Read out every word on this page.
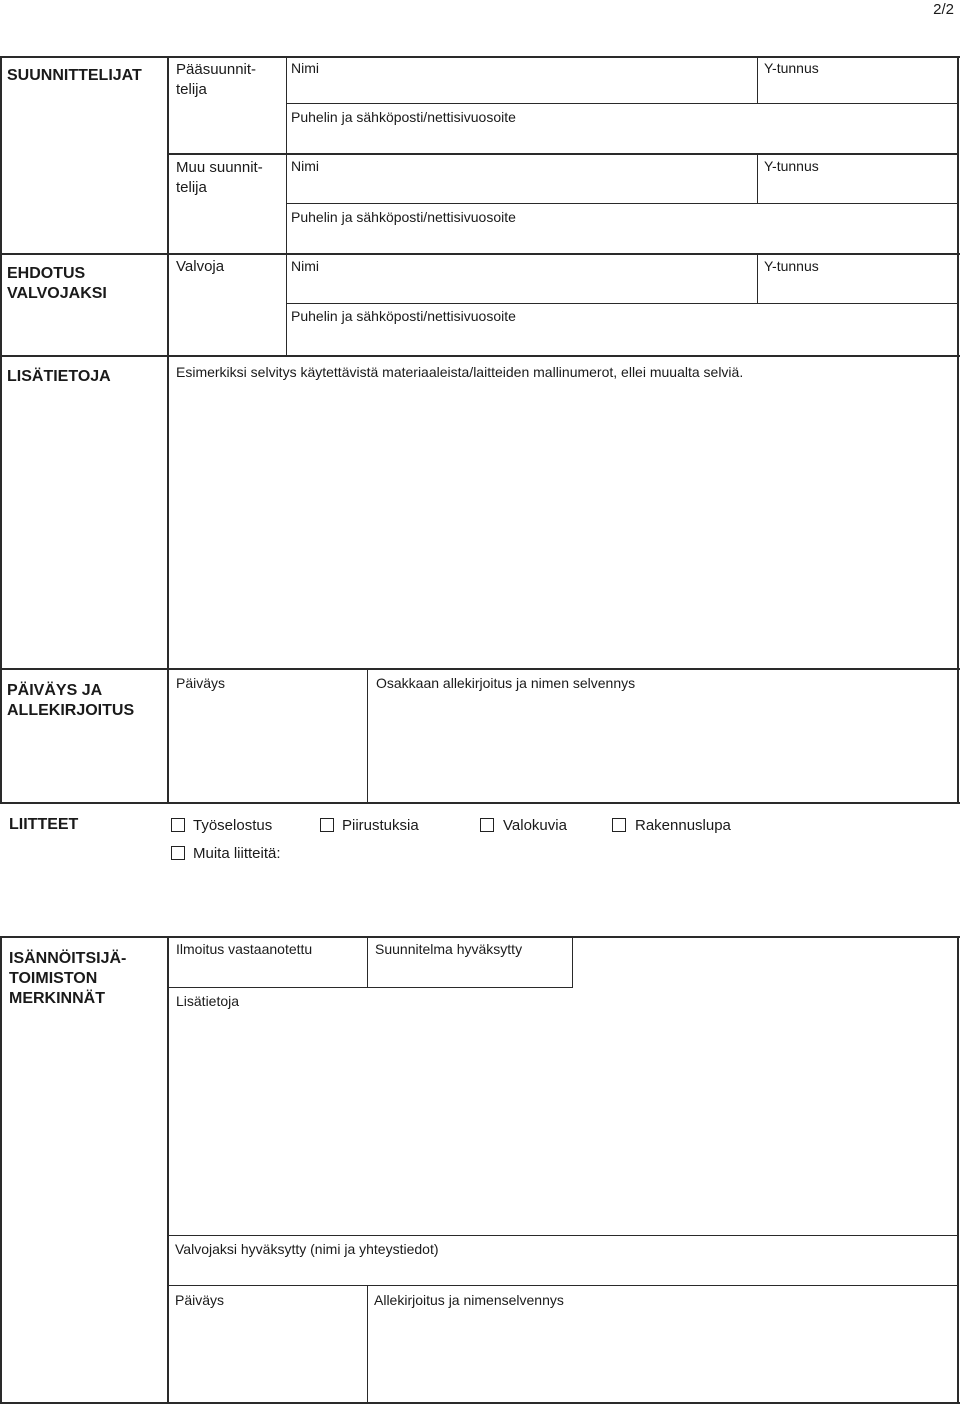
2/2
SUUNNITTELIJAT Pääsuunnit-
telija
Nimi	Y-tunnus
Puhelin ja sähköposti/nettisivuosoite
Muu suunnit-
telija
Nimi	Y-tunnus
Puhelin ja sähköposti/nettisivuosoite
EHDOTUS
VALVOJAKSI
Valvoja	Nimi	Y-tunnus
Puhelin ja sähköposti/nettisivuosoite
LISÄTIETOJA	Esimerkiksi selvitys käytettävistä materiaaleista/laitteiden mallinumerot, ellei muualta selviä.
PÄIVÄYS JA
ALLEKIRJOITUS
Päiväys	Osakkaan allekirjoitus ja nimen selvennys
LIITTEET	Työselostus	Piirustuksia	Valokuvia	Rakennuslupa
Muita liitteitä:
ISÄNNÖITSIJÄ-
TOIMISTON
MERKINNÄT
Ilmoitus vastaanotettu	Suunnitelma hyväksytty
Lisätietoja
Valvojaksi hyväksytty (nimi ja yhteystiedot)
Päiväys	Allekirjoitus ja nimenselvennys
